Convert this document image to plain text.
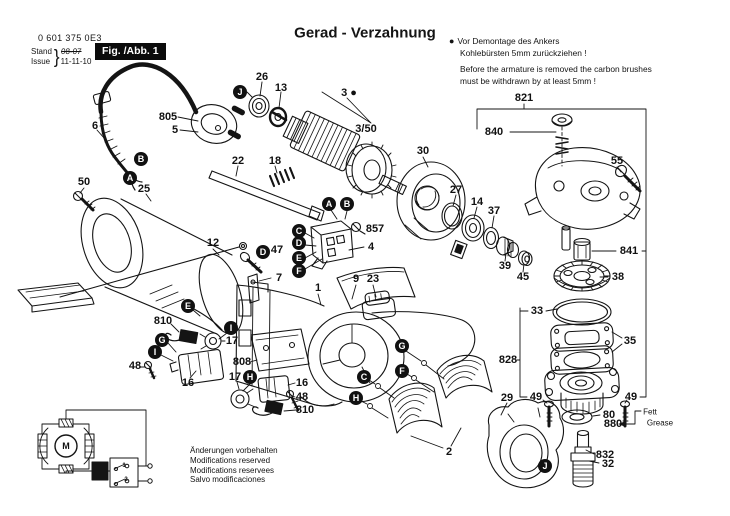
0 601 375 0E3
Stand
Issue } 08-07
11-11-10
Fig. /Abb. 1
Gerad - Verzahnung ● Vor Demontage des Ankers
Kohlebürsten 5mm zurückziehen !
Before the armature is removed the carbon brushes
must be withdrawn by at least 5mm !
Änderungen vorbehalten
Modifications reserved
Modifications reservees
Salvo modificaciones
805
5
6
50
25
26
13	3 ●
3/50
22 18
30
27
14
37
39
45
857
4
12
47
7
1
9 23
2
810
17
48
16
808
17	16
48
810
29
821
840
55
841
38
33
35
828
49	49
80
880
832
32
J
B
A
A	B
C
D
E
F
D
E
I
G
I
H
G
F
C
H
J
M
1
2
Fett
Grease
